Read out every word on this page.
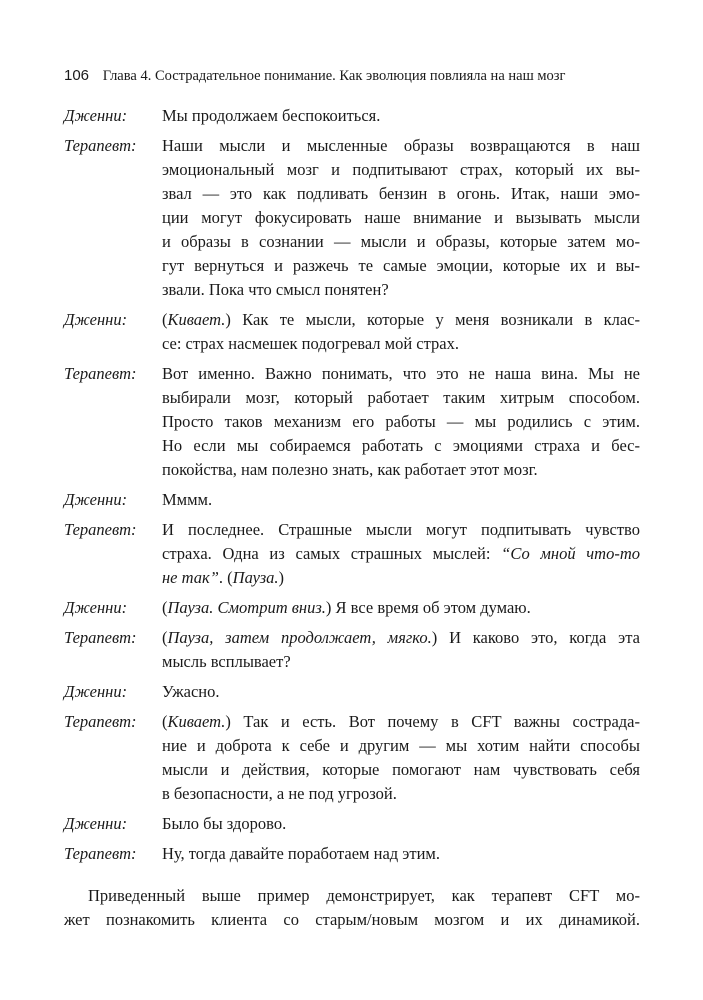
106 Глава 4. Сострадательное понимание. Как эволюция повлияла на наш мозг
Дженни:	Мы продолжаем беспокоиться.
Терапевт:	Наши мысли и мысленные образы возвращаются в наш
эмоциональный мозг и подпитывают страх, который их вы-
звал — это как подливать бензин в огонь. Итак, наши эмо-
ции могут фокусировать наше внимание и вызывать мысли
и образы в сознании — мысли и образы, которые затем мо-
гут вернуться и разжечь те самые эмоции, которые их и вы-
звали. Пока что смысл понятен?
Дженни:	(Кивает.) Как те мысли, которые у меня возникали в клас-
се: страх насмешек подогревал мой страх.
Терапевт:	Вот именно. Важно понимать, что это не наша вина. Мы не
выбирали мозг, который работает таким хитрым способом.
Просто таков механизм его работы — мы родились с этим.
Но если мы собираемся работать с эмоциями страха и бес-
покойства, нам полезно знать, как работает этот мозг.
Дженни:	Мммм.
Терапевт:	И последнее. Страшные мысли могут подпитывать чувство
страха. Одна из самых страшных мыслей: “Со мной что-то
не так”. (Пауза.)
Дженни:	(Пауза. Смотрит вниз.) Я все время об этом думаю.
Терапевт:	(Пауза, затем продолжает, мягко.) И каково это, когда эта
мысль всплывает?
Дженни:	Ужасно.
Терапевт:	(Кивает.) Так и есть. Вот почему в CFT важны сострада-
ние и доброта к себе и другим — мы хотим найти способы
мысли и действия, которые помогают нам чувствовать себя
в безопасности, а не под угрозой.
Дженни:	Было бы здорово.
Терапевт:	Ну, тогда давайте поработаем над этим.
Приведенный выше пример демонстрирует, как терапевт CFT мо-
жет познакомить клиента со старым/новым мозгом и их динамикой.
